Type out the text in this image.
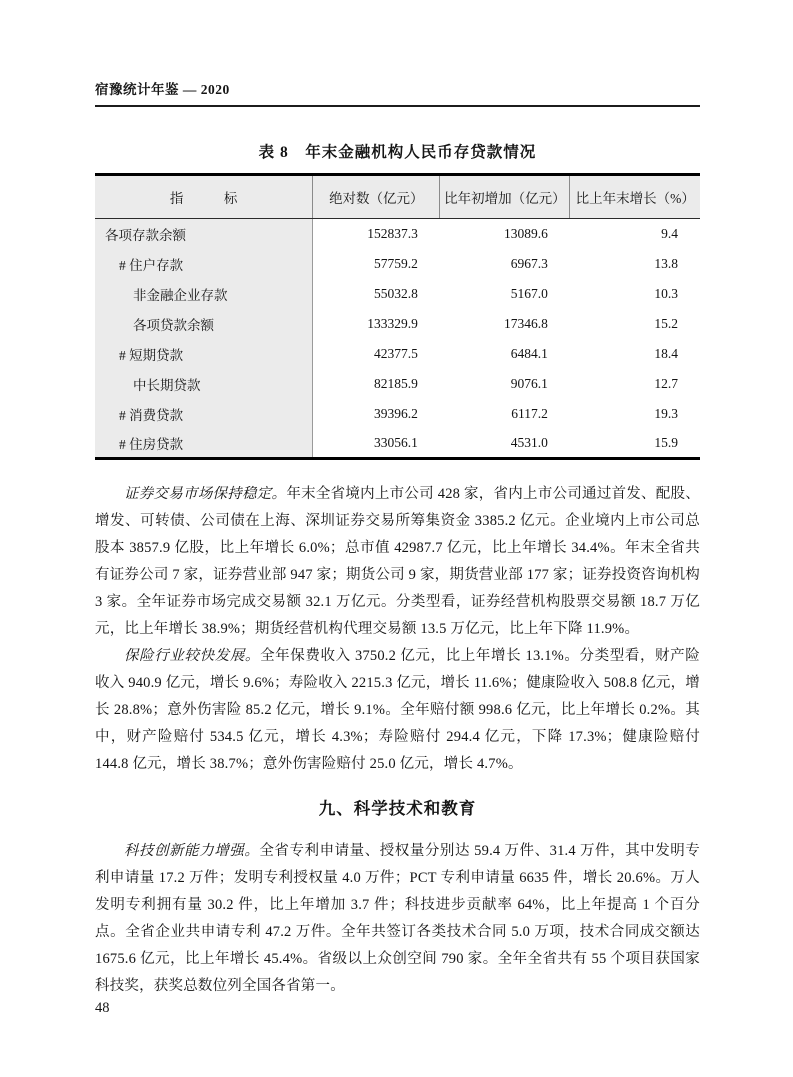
宿豫统计年鉴 — 2020
表 8　年末金融机构人民币存贷款情况
指　　　标	绝对数（亿元）	比年初增加（亿元）	比上年末增长（%）
各项存款余额	152837.3	13089.6	9.4
# 住户存款	57759.2	6967.3	13.8
非金融企业存款	55032.8	5167.0	10.3
各项贷款余额	133329.9	17346.8	15.2
# 短期贷款	42377.5	6484.1	18.4
中长期贷款	82185.9	9076.1	12.7
# 消费贷款	39396.2	6117.2	19.3
# 住房贷款	33056.1	4531.0	15.9

证券交易市场保持稳定。年末全省境内上市公司 428 家，省内上市公司通过首发、配股、增发、可转债、公司债在上海、深圳证券交易所筹集资金 3385.2 亿元。企业境内上市公司总股本 3857.9 亿股，比上年增长 6.0%；总市值 42987.7 亿元，比上年增长 34.4%。年末全省共有证券公司 7 家，证券营业部 947 家；期货公司 9 家，期货营业部 177 家；证券投资咨询机构 3 家。全年证券市场完成交易额 32.1 万亿元。分类型看，证券经营机构股票交易额 18.7 万亿元，比上年增长 38.9%；期货经营机构代理交易额 13.5 万亿元，比上年下降 11.9%。

保险行业较快发展。全年保费收入 3750.2 亿元，比上年增长 13.1%。分类型看，财产险收入 940.9 亿元，增长 9.6%；寿险收入 2215.3 亿元，增长 11.6%；健康险收入 508.8 亿元，增长 28.8%；意外伤害险 85.2 亿元，增长 9.1%。全年赔付额 998.6 亿元，比上年增长 0.2%。其中，财产险赔付 534.5 亿元，增长 4.3%；寿险赔付 294.4 亿元，下降 17.3%；健康险赔付 144.8 亿元，增长 38.7%；意外伤害险赔付 25.0 亿元，增长 4.7%。

九、科学技术和教育

科技创新能力增强。全省专利申请量、授权量分别达 59.4 万件、31.4 万件，其中发明专利申请量 17.2 万件；发明专利授权量 4.0 万件；PCT 专利申请量 6635 件，增长 20.6%。万人发明专利拥有量 30.2 件，比上年增加 3.7 件；科技进步贡献率 64%，比上年提高 1 个百分点。全省企业共申请专利 47.2 万件。全年共签订各类技术合同 5.0 万项，技术合同成交额达 1675.6 亿元，比上年增长 45.4%。省级以上众创空间 790 家。全年全省共有 55 个项目获国家科技奖，获奖总数位列全国各省第一。

48
